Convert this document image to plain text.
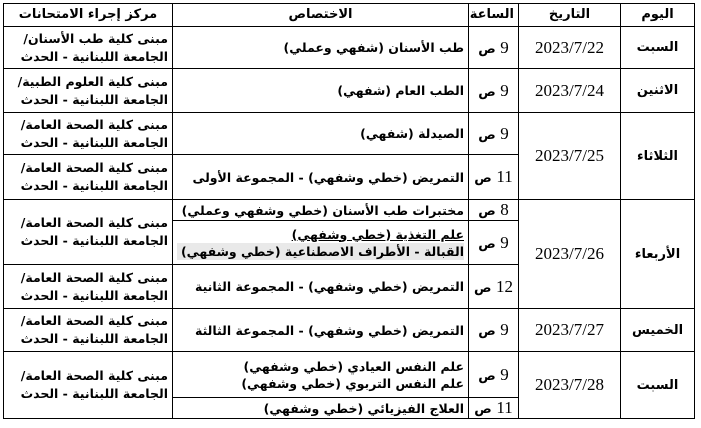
اليوم	التاريخ	الساعة	الاختصاص	مركز إجراء الامتحانات
السبت	2023/7/22	9 ص	طب الأسنان (شفهي وعملي)	مبنى كلية طب الأسنان/
الجامعة اللبنانية - الحدث

الاثنين	2023/7/24	9 ص	الطب العام (شفهي)	مبنى كلية العلوم الطبية/
الجامعة اللبنانية - الحدث

الثلاثاء	2023/7/25	9 ص	الصيدلة (شفهي)	مبنى كلية الصحة العامة/
الجامعة اللبنانية - الحدث

		11 ص	التمريض (خطي وشفهي) - المجموعة الأولى	مبنى كلية الصحة العامة/
الجامعة اللبنانية - الحدث

الأربعاء	2023/7/26	8 ص	مختبرات طب الأسنان (خطي وشفهي وعملي)	مبنى كلية الصحة العامة/
الجامعة اللبنانية - الحدث

		9 ص	علم التغذية (خطي وشفهي)
القبالة - الأطراف الاصطناعية (خطي وشفهي)	

		12 ص	التمريض (خطي وشفهي) - المجموعة الثانية	مبنى كلية الصحة العامة/
الجامعة اللبنانية - الحدث

الخميس	2023/7/27	9 ص	التمريض (خطي وشفهي) - المجموعة الثالثة	مبنى كلية الصحة العامة/
الجامعة اللبنانية - الحدث

السبت	2023/7/28	9 ص	علم النفس العيادي (خطي وشفهي)
علم النفس التربوي (خطي وشفهي)	مبنى كلية الصحة العامة/
الجامعة اللبنانية - الحدث

		11 ص	العلاج الفيزيائي (خطي وشفهي)	
